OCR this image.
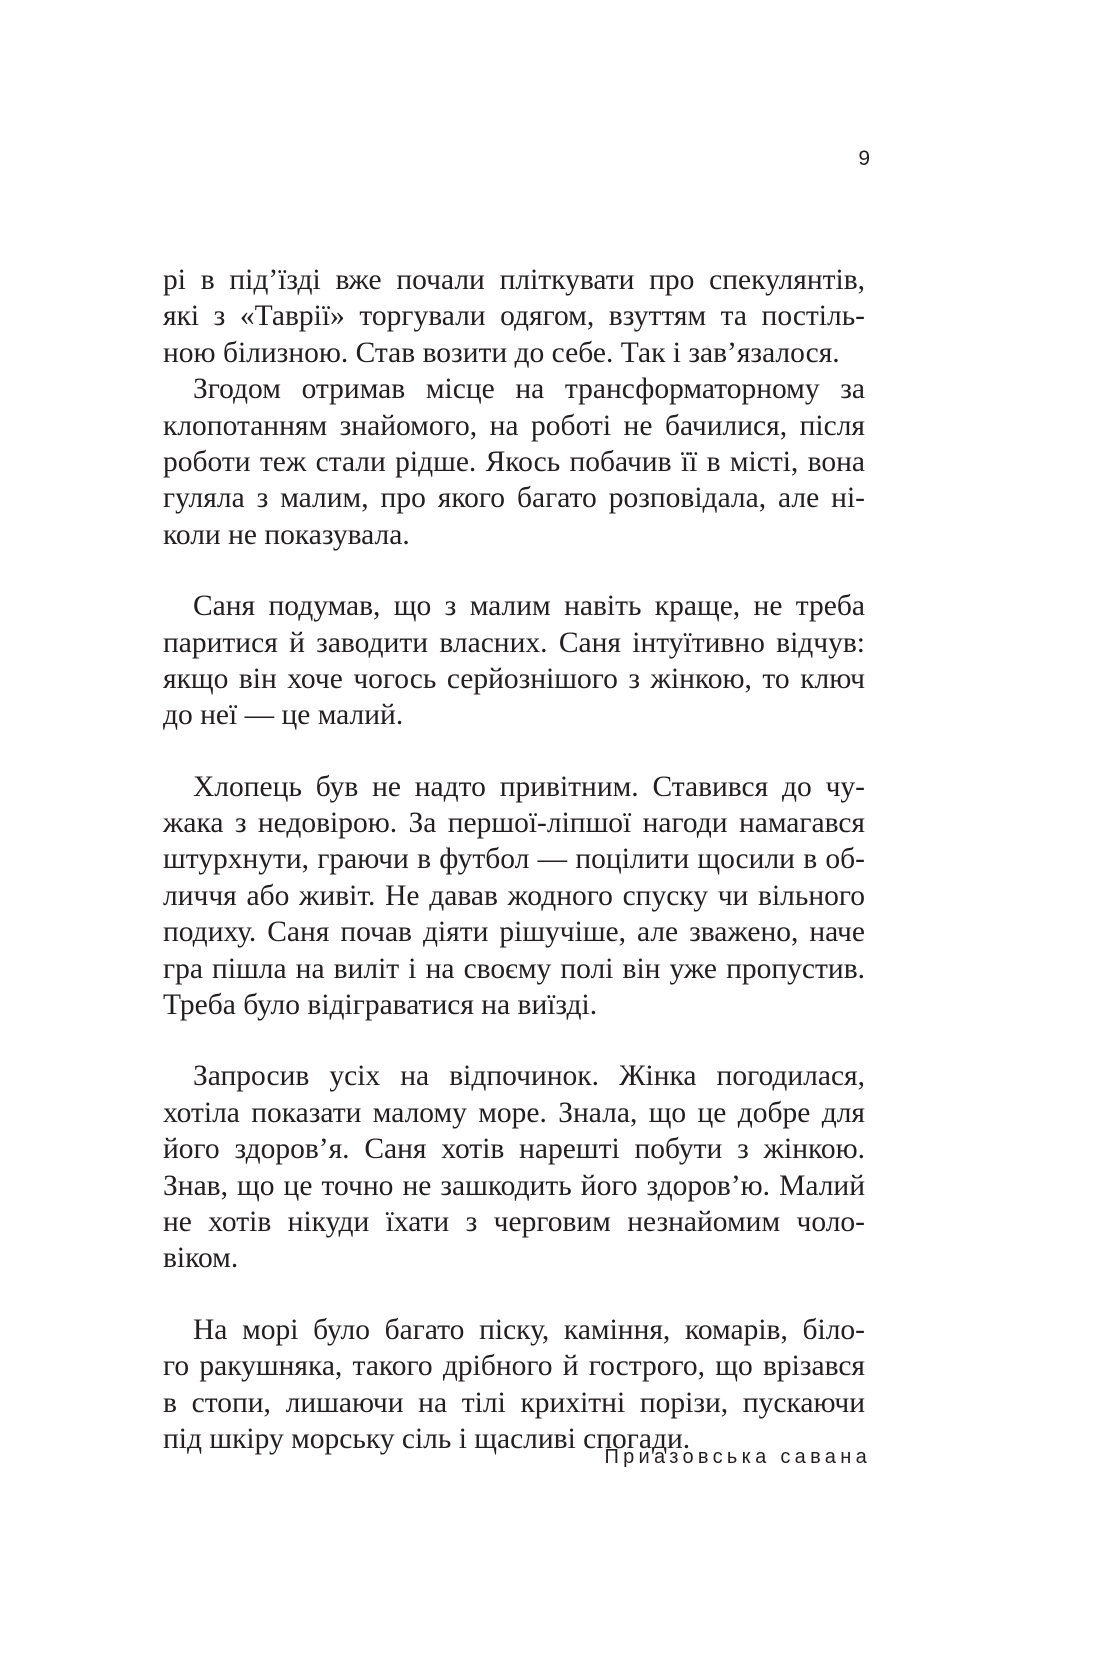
9
рі в під’їзді вже почали пліткувати про спекулянтів,
які з «Таврії» торгували одягом, взуттям та постіль-
ною білизною. Став возити до себе. Так і зав’язалося.
Згодом отримав місце на трансформаторному за
клопотанням знайомого, на роботі не бачилися, після
роботи теж стали рідше. Якось побачив її в місті, вона
гуляла з малим, про якого багато розповідала, але ні-
коли не показувала.
Саня подумав, що з малим навіть краще, не треба
паритися й заводити власних. Саня інтуїтивно відчув:
якщо він хоче чогось серйознішого з жінкою, то ключ
до неї — це малий.
Хлопець був не надто привітним. Ставився до чу-
жака з недовірою. За першої-ліпшої нагоди намагався
штурхнути, граючи в футбол — поцілити щосили в об-
личчя або живіт. Не давав жодного спуску чи вільного
подиху. Саня почав діяти рішучіше, але зважено, наче
гра пішла на виліт і на своєму полі він уже пропустив.
Треба було відіграватися на виїзді.
Запросив усіх на відпочинок. Жінка погодилася,
хотіла показати малому море. Знала, що це добре для
його здоров’я. Саня хотів нарешті побути з жінкою.
Знав, що це точно не зашкодить його здоров’ю. Малий
не хотів нікуди їхати з черговим незнайомим чоло-
віком.
На морі було багато піску, каміння, комарів, біло-
го ракушняка, такого дрібного й гострого, що врізався
в стопи, лишаючи на тілі крихітні порізи, пускаючи
під шкіру морську сіль і щасливі спогади.
Приазовська савана
